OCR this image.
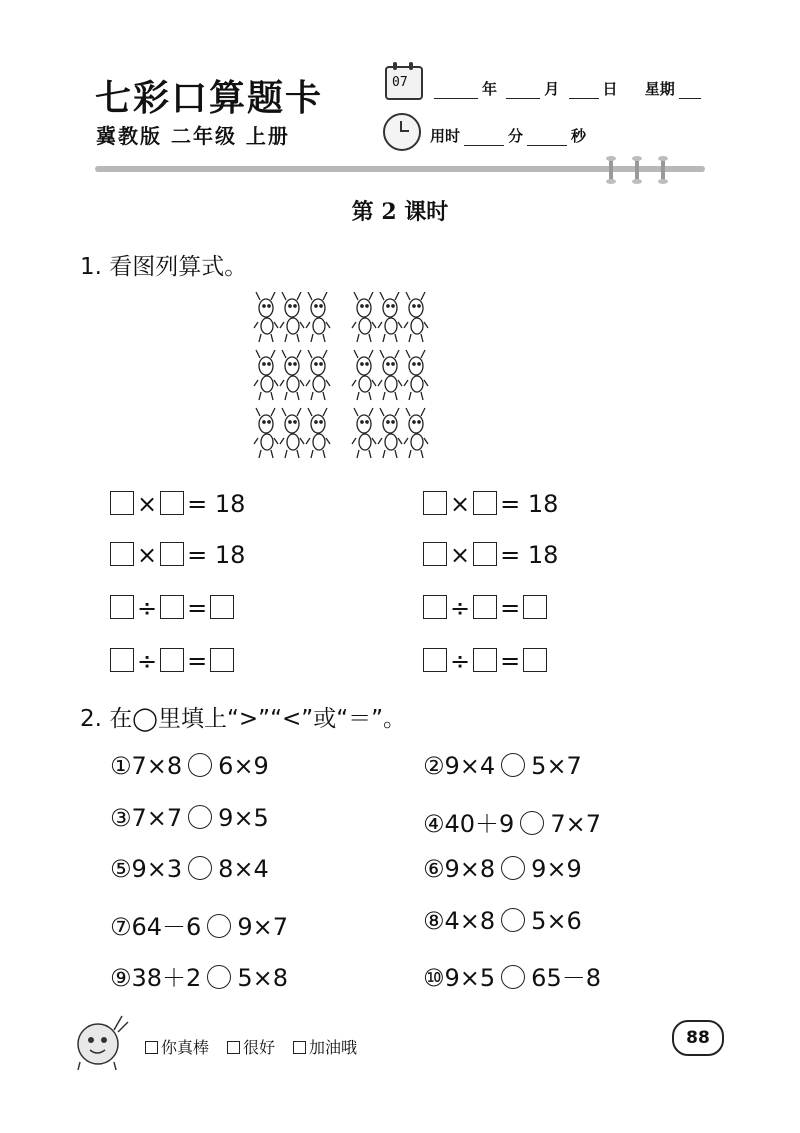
七彩口算题卡
冀教版 二年级 上册
07	年	月	日 星期
用时	分	秒
第 2 课时
1. 看图列算式。
× = 18	× = 18
× = 18	× = 18
÷ =	÷ =
÷ =	÷ =
2. 在◯里填上“>”“<”或“＝”。
①7×8 6×9	②9×4 5×7
③7×7 9×5	④40＋9 7×7
⑤9×3 8×4	⑥9×8 9×9
⑦64－6 9×7	⑧4×8 5×6
⑨38＋2 5×8	⑩9×5 65－8
你真棒 很好 加油哦	88
